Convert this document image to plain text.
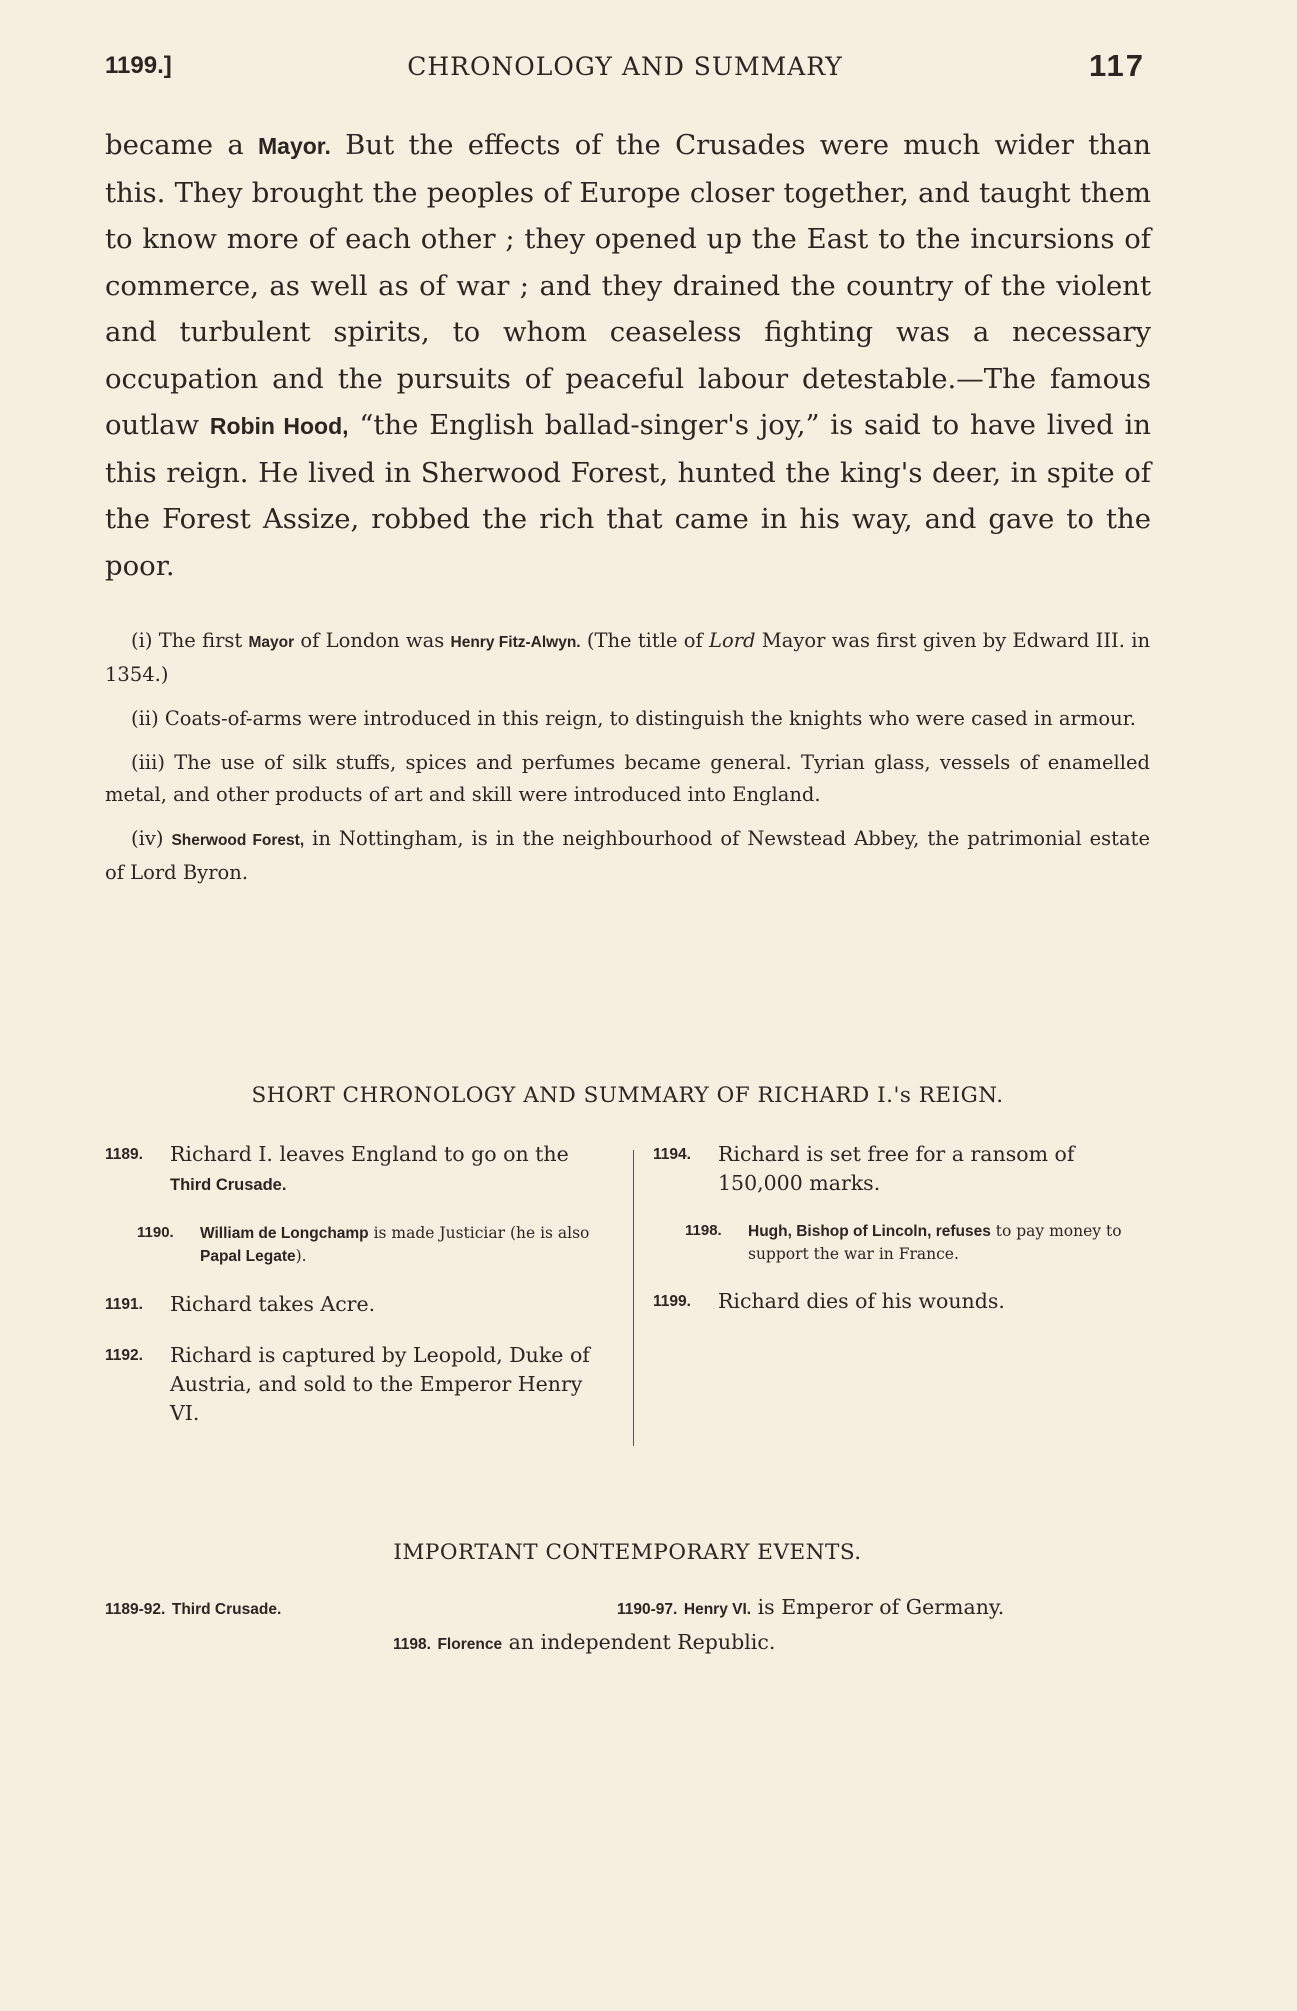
1199.]	CHRONOLOGY AND SUMMARY	117
became a Mayor. But the effects of the Crusades were much wider than this. They brought the peoples of Europe closer together, and taught them to know more of each other ; they opened up the East to the incursions of commerce, as well as of war ; and they drained the country of the violent and turbulent spirits, to whom ceaseless fighting was a necessary occupation and the pursuits of peaceful labour detestable.—The famous outlaw Robin Hood, “the English ballad-singer's joy,” is said to have lived in this reign. He lived in Sherwood Forest, hunted the king's deer, in spite of the Forest Assize, robbed the rich that came in his way, and gave to the poor.

(i) The first Mayor of London was Henry Fitz-Alwyn. (The title of Lord Mayor was first given by Edward III. in 1354.)

(ii) Coats-of-arms were introduced in this reign, to distinguish the knights who were cased in armour.

(iii) The use of silk stuffs, spices and perfumes became general. Tyrian glass, vessels of enamelled metal, and other products of art and skill were introduced into England.

(iv) Sherwood Forest, in Nottingham, is in the neighbourhood of Newstead Abbey, the patrimonial estate of Lord Byron.

SHORT CHRONOLOGY AND SUMMARY OF RICHARD I.'s REIGN.
1189. Richard I. leaves England to go on the Third Crusade.
1190. William de Longchamp is made Justiciar (he is also Papal Legate).
1191. Richard takes Acre.
1192. Richard is captured by Leopold, Duke of Austria, and sold to the Emperor Henry VI.
1194. Richard is set free for a ransom of 150,000 marks.
1198. Hugh, Bishop of Lincoln, refuses to pay money to support the war in France.
1199. Richard dies of his wounds.
IMPORTANT CONTEMPORARY EVENTS.
1189-92. Third Crusade.	1190-97. Henry VI. is Emperor of Germany.
1198. Florence an independent Republic.
